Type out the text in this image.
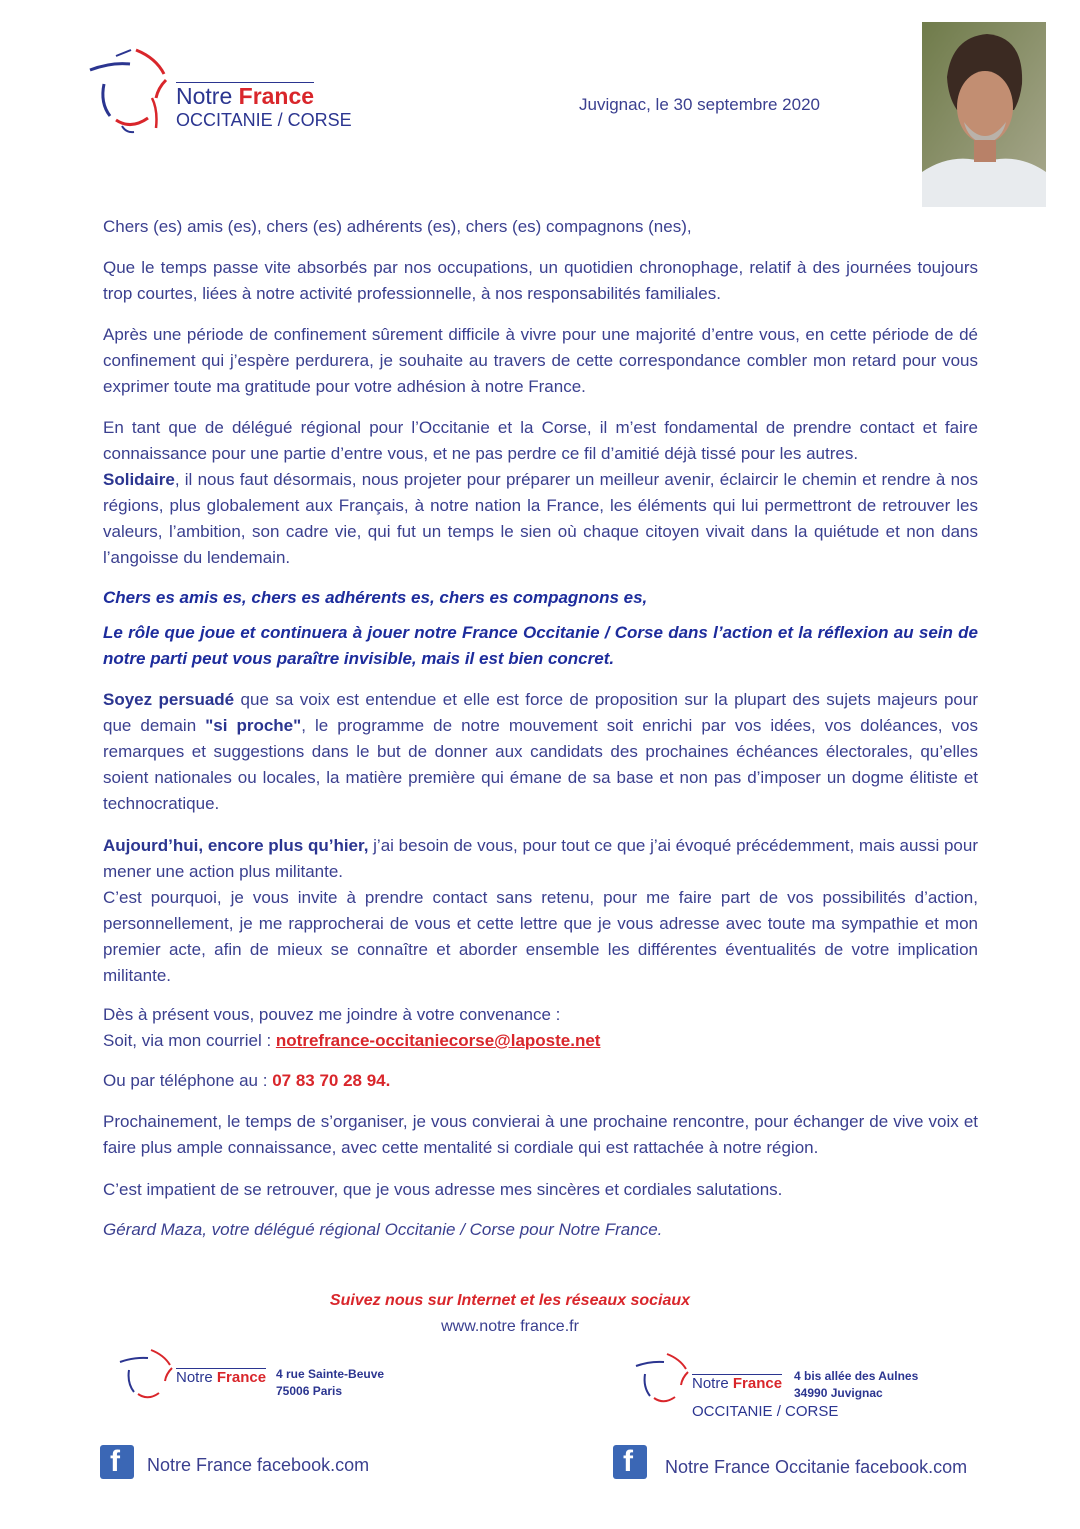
Notre France
OCCITANIE / CORSE
Juvignac, le 30 septembre 2020
Chers (es) amis (es), chers (es) adhérents (es), chers (es) compagnons (nes),
Que le temps passe vite absorbés par nos occupations, un quotidien chronophage, relatif à des journées toujours trop courtes, liées à notre activité professionnelle, à nos responsabilités familiales.
Après une période de confinement sûrement difficile à vivre pour une majorité d’entre vous, en cette période de dé confinement qui j’espère perdurera, je souhaite au travers de cette correspondance combler mon retard pour vous exprimer toute ma gratitude pour votre adhésion à notre France.

En tant que de délégué régional pour l’Occitanie et la Corse, il m’est fondamental de prendre contact et faire connaissance pour une partie d’entre vous, et ne pas perdre ce fil d’amitié déjà tissé pour les autres.

Solidaire, il nous faut désormais, nous projeter pour préparer un meilleur avenir, éclaircir le chemin et rendre à nos régions, plus globalement aux Français, à notre nation la France, les éléments qui lui permettront de retrouver les valeurs, l’ambition, son cadre vie, qui fut un temps le sien où chaque citoyen vivait dans la quiétude et non dans l’angoisse du lendemain.

Chers es amis es, chers es adhérents es, chers es compagnons es,
Le rôle que joue et continuera à jouer notre France Occitanie / Corse dans l’action et la réflexion au sein de notre parti peut vous paraître invisible, mais il est bien concret.
Soyez persuadé que sa voix est entendue et elle est force de proposition sur la plupart des sujets majeurs pour que demain "si proche", le programme de notre mouvement soit enrichi par vos idées, vos doléances, vos remarques et suggestions dans le but de donner aux candidats des prochaines échéances électorales, qu’elles soient nationales ou locales, la matière première qui émane de sa base et non pas d’imposer un dogme élitiste et technocratique.

Aujourd’hui, encore plus qu’hier, j’ai besoin de vous, pour tout ce que j’ai évoqué précédemment, mais aussi pour mener une action plus militante.

C’est pourquoi, je vous invite à prendre contact sans retenu, pour me faire part de vos possibilités d’action, personnellement, je me rapprocherai de vous et cette lettre que je vous adresse avec toute ma sympathie et mon premier acte, afin de mieux se connaître et aborder ensemble les différentes éventualités de votre implication militante.

Dès à présent vous, pouvez me joindre à votre convenance :

Soit, via mon courriel : notrefrance-occitaniecorse@laposte.net

Ou par téléphone au : 07 83 70 28 94.
Prochainement, le temps de s’organiser, je vous convierai à une prochaine rencontre, pour échanger de vive voix et faire plus ample connaissance, avec cette mentalité si cordiale qui est rattachée à notre région.
C’est impatient de se retrouver, que je vous adresse mes sincères et cordiales salutations.
Gérard Maza, votre délégué régional Occitanie / Corse pour Notre France.
Suivez nous sur Internet et les réseaux sociaux
www.notre france.fr
Notre France 4 rue Sainte-Beuve
75006 Paris	Notre France 4 bis allée des Aulnes
34990 Juvignac
OCCITANIE / CORSE
f Notre France facebook.com	f Notre France Occitanie facebook.com
